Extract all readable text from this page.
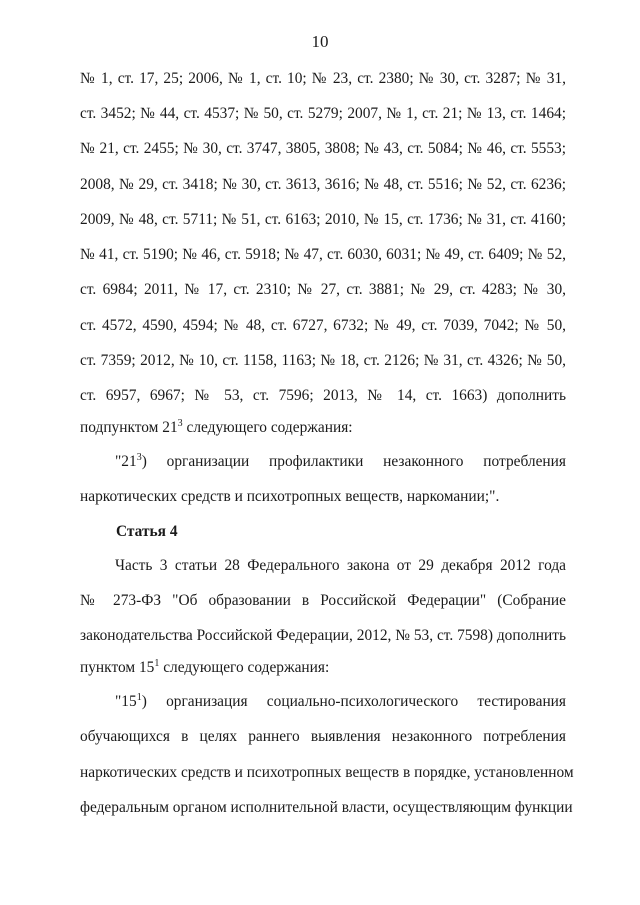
10
№ 1, ст. 17, 25; 2006, № 1, ст. 10; № 23, ст. 2380; № 30, ст. 3287; № 31,
ст. 3452; № 44, ст. 4537; № 50, ст. 5279; 2007, № 1, ст. 21; № 13, ст. 1464;
№ 21, ст. 2455; № 30, ст. 3747, 3805, 3808; № 43, ст. 5084; № 46, ст. 5553;
2008, № 29, ст. 3418; № 30, ст. 3613, 3616; № 48, ст. 5516; № 52, ст. 6236;
2009, № 48, ст. 5711; № 51, ст. 6163; 2010, № 15, ст. 1736; № 31, ст. 4160;
№ 41, ст. 5190; № 46, ст. 5918; № 47, ст. 6030, 6031; № 49, ст. 6409; № 52,
ст. 6984; 2011, № 17, ст. 2310; № 27, ст. 3881; № 29, ст. 4283; № 30,
ст. 4572, 4590, 4594; № 48, ст. 6727, 6732; № 49, ст. 7039, 7042; № 50,
ст. 7359; 2012, № 10, ст. 1158, 1163; № 18, ст. 2126; № 31, ст. 4326; № 50,
ст. 6957, 6967; № 53, ст. 7596; 2013, № 14, ст. 1663) дополнить
подпунктом $21^3$ следующего содержания:
"$21^3$) организации профилактики незаконного потребления
наркотических средств и психотропных веществ, наркомании;".
Статья 4
Часть 3 статьи 28 Федерального закона от 29 декабря 2012 года
№ 273-ФЗ "Об образовании в Российской Федерации" (Собрание
законодательства Российской Федерации, 2012, № 53, ст. 7598) дополнить
пунктом $15^1$ следующего содержания:
"$15^1$) организация социально-психологического тестирования
обучающихся в целях раннего выявления незаконного потребления
наркотических средств и психотропных веществ в порядке, установленном
федеральным органом исполнительной власти, осуществляющим функции
